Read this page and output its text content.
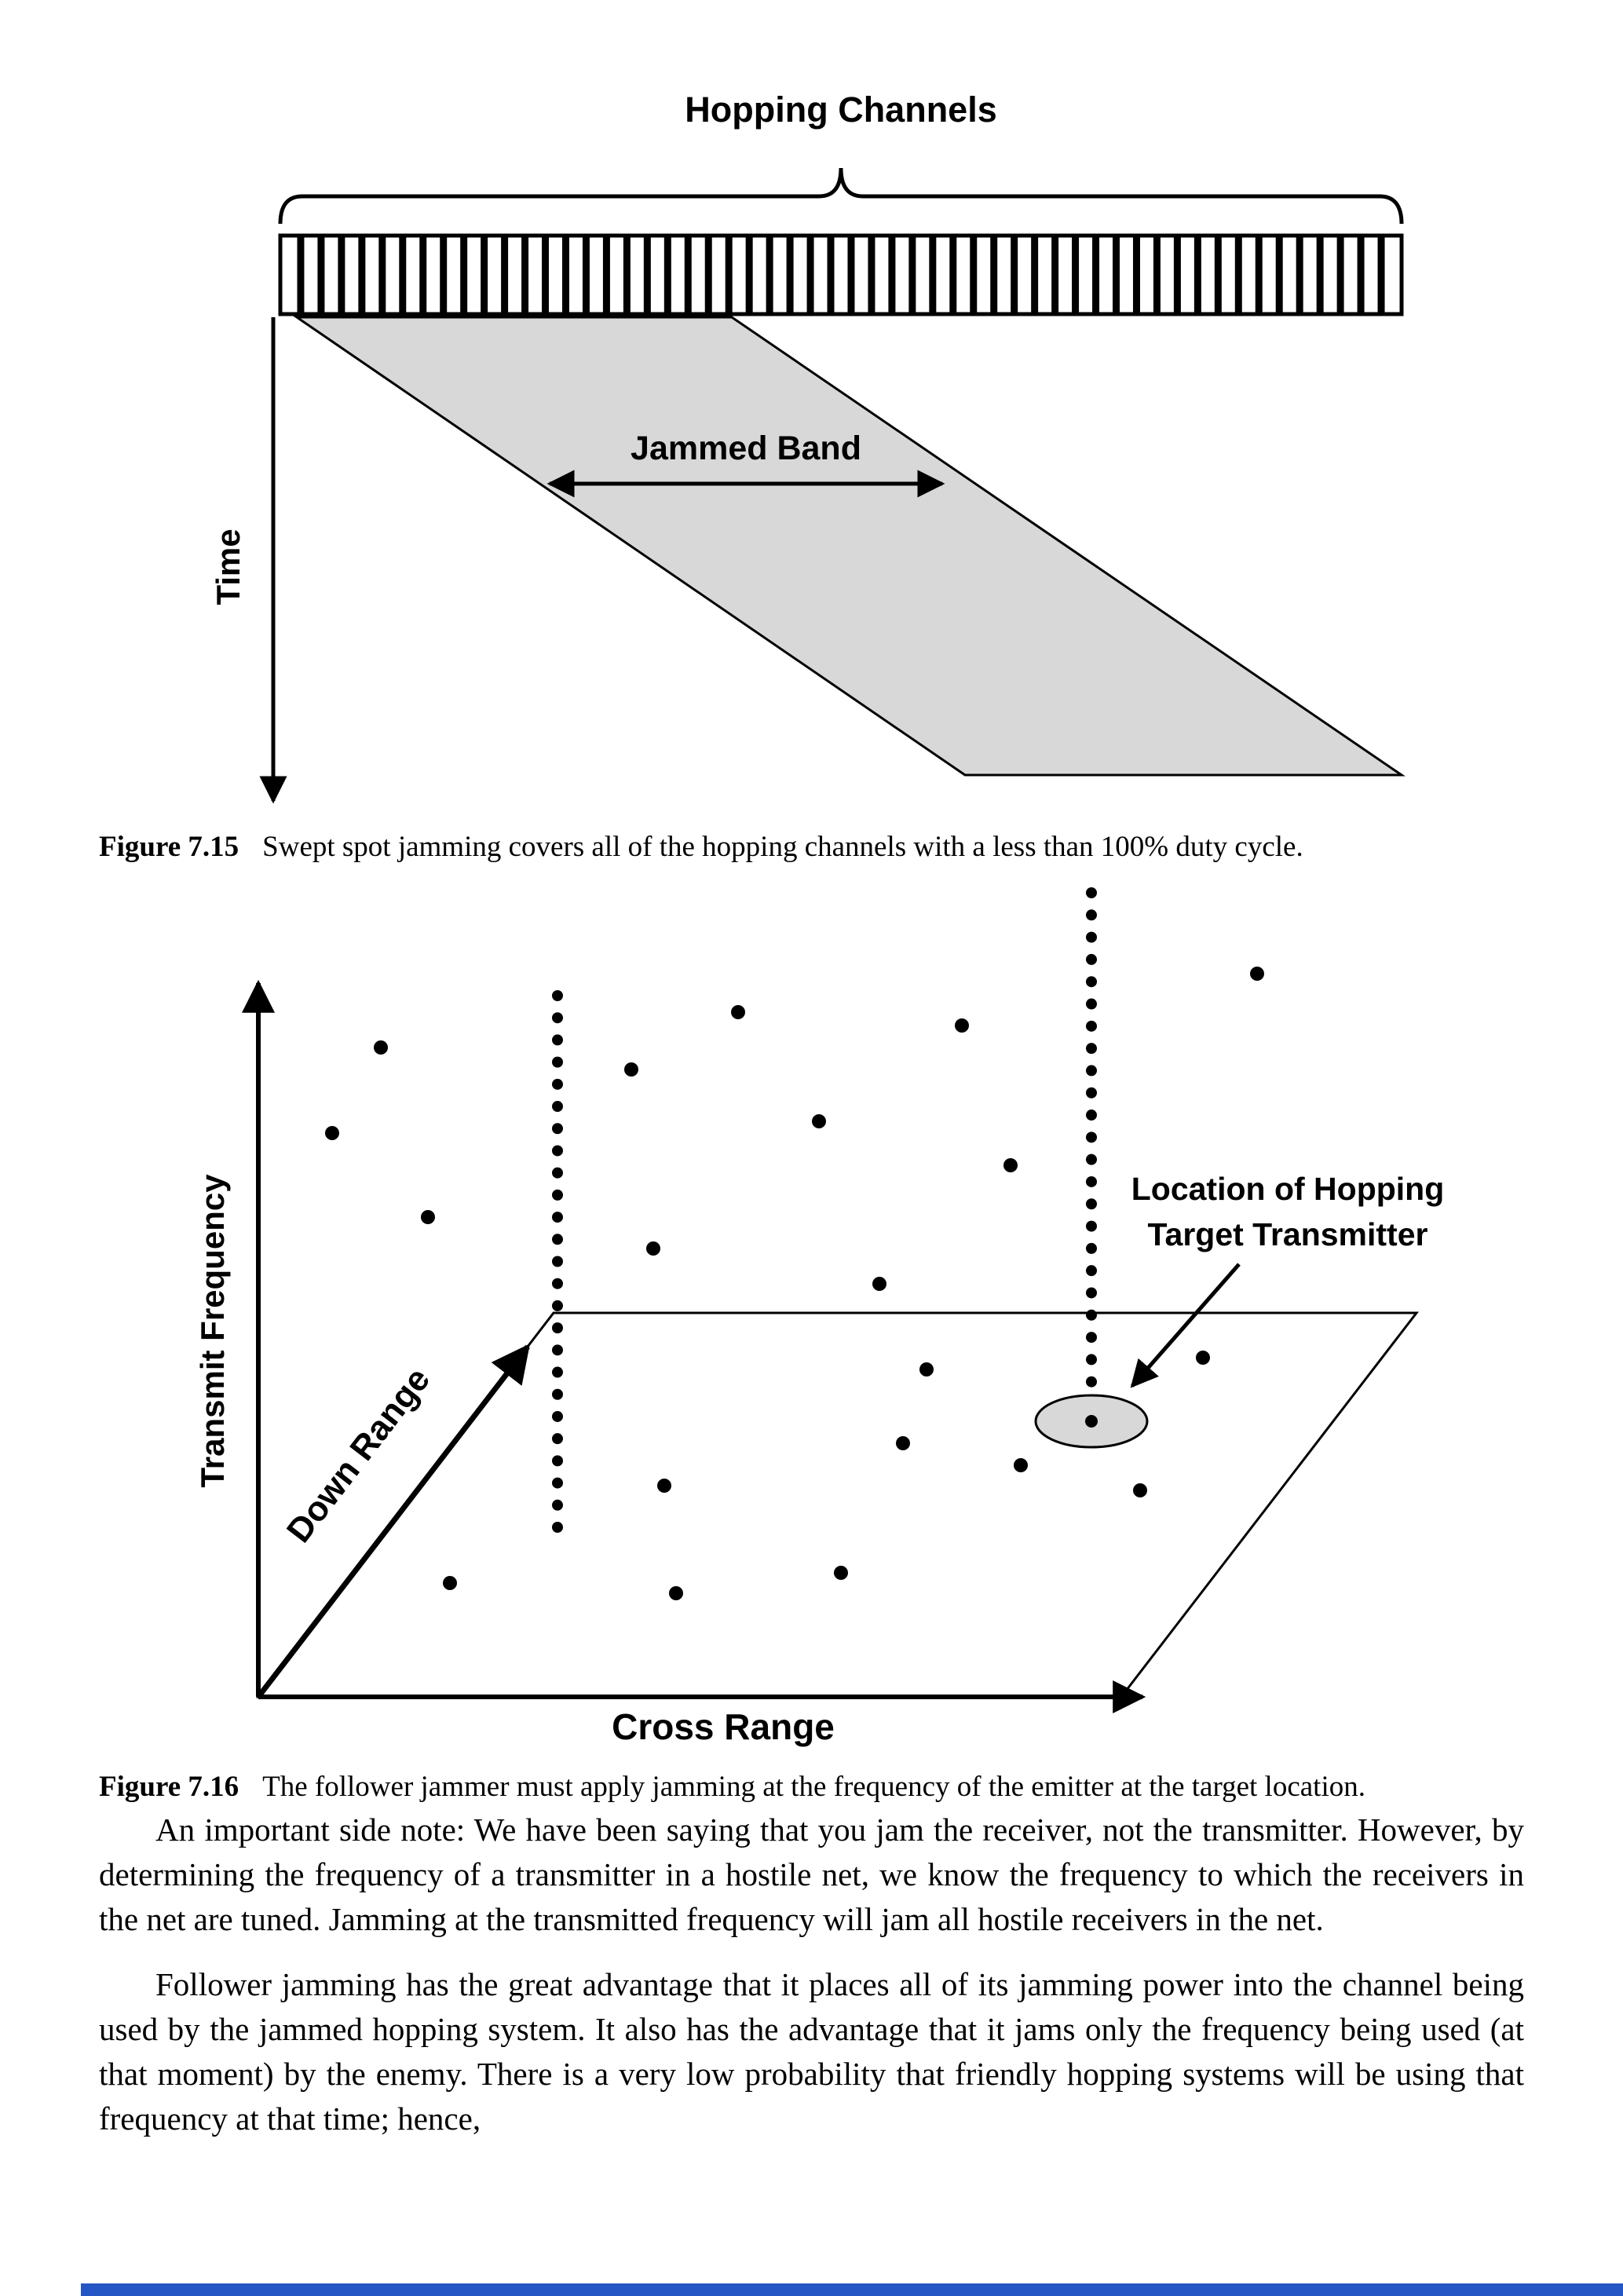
Hopping Channels
Time
Jammed Band
Figure 7.15 Swept spot jamming covers all of the hopping channels with a less than 100% duty cycle.
Transmit Frequency
Cross Range
Down Range
Location of Hopping
Target Transmitter
Figure 7.16 The follower jammer must apply jamming at the frequency of the emitter at the target location.

An important side note: We have been saying that you jam the receiver, not the transmitter. However, by determining the frequency of a transmitter in a hostile net, we know the frequency to which the receivers in the net are tuned. Jamming at the transmitted frequency will jam all hostile receivers in the net.

Follower jamming has the great advantage that it places all of its jamming power into the channel being used by the jammed hopping system. It also has the advantage that it jams only the frequency being used (at that moment) by the enemy. There is a very low probability that friendly hopping systems will be using that frequency at that time; hence,
